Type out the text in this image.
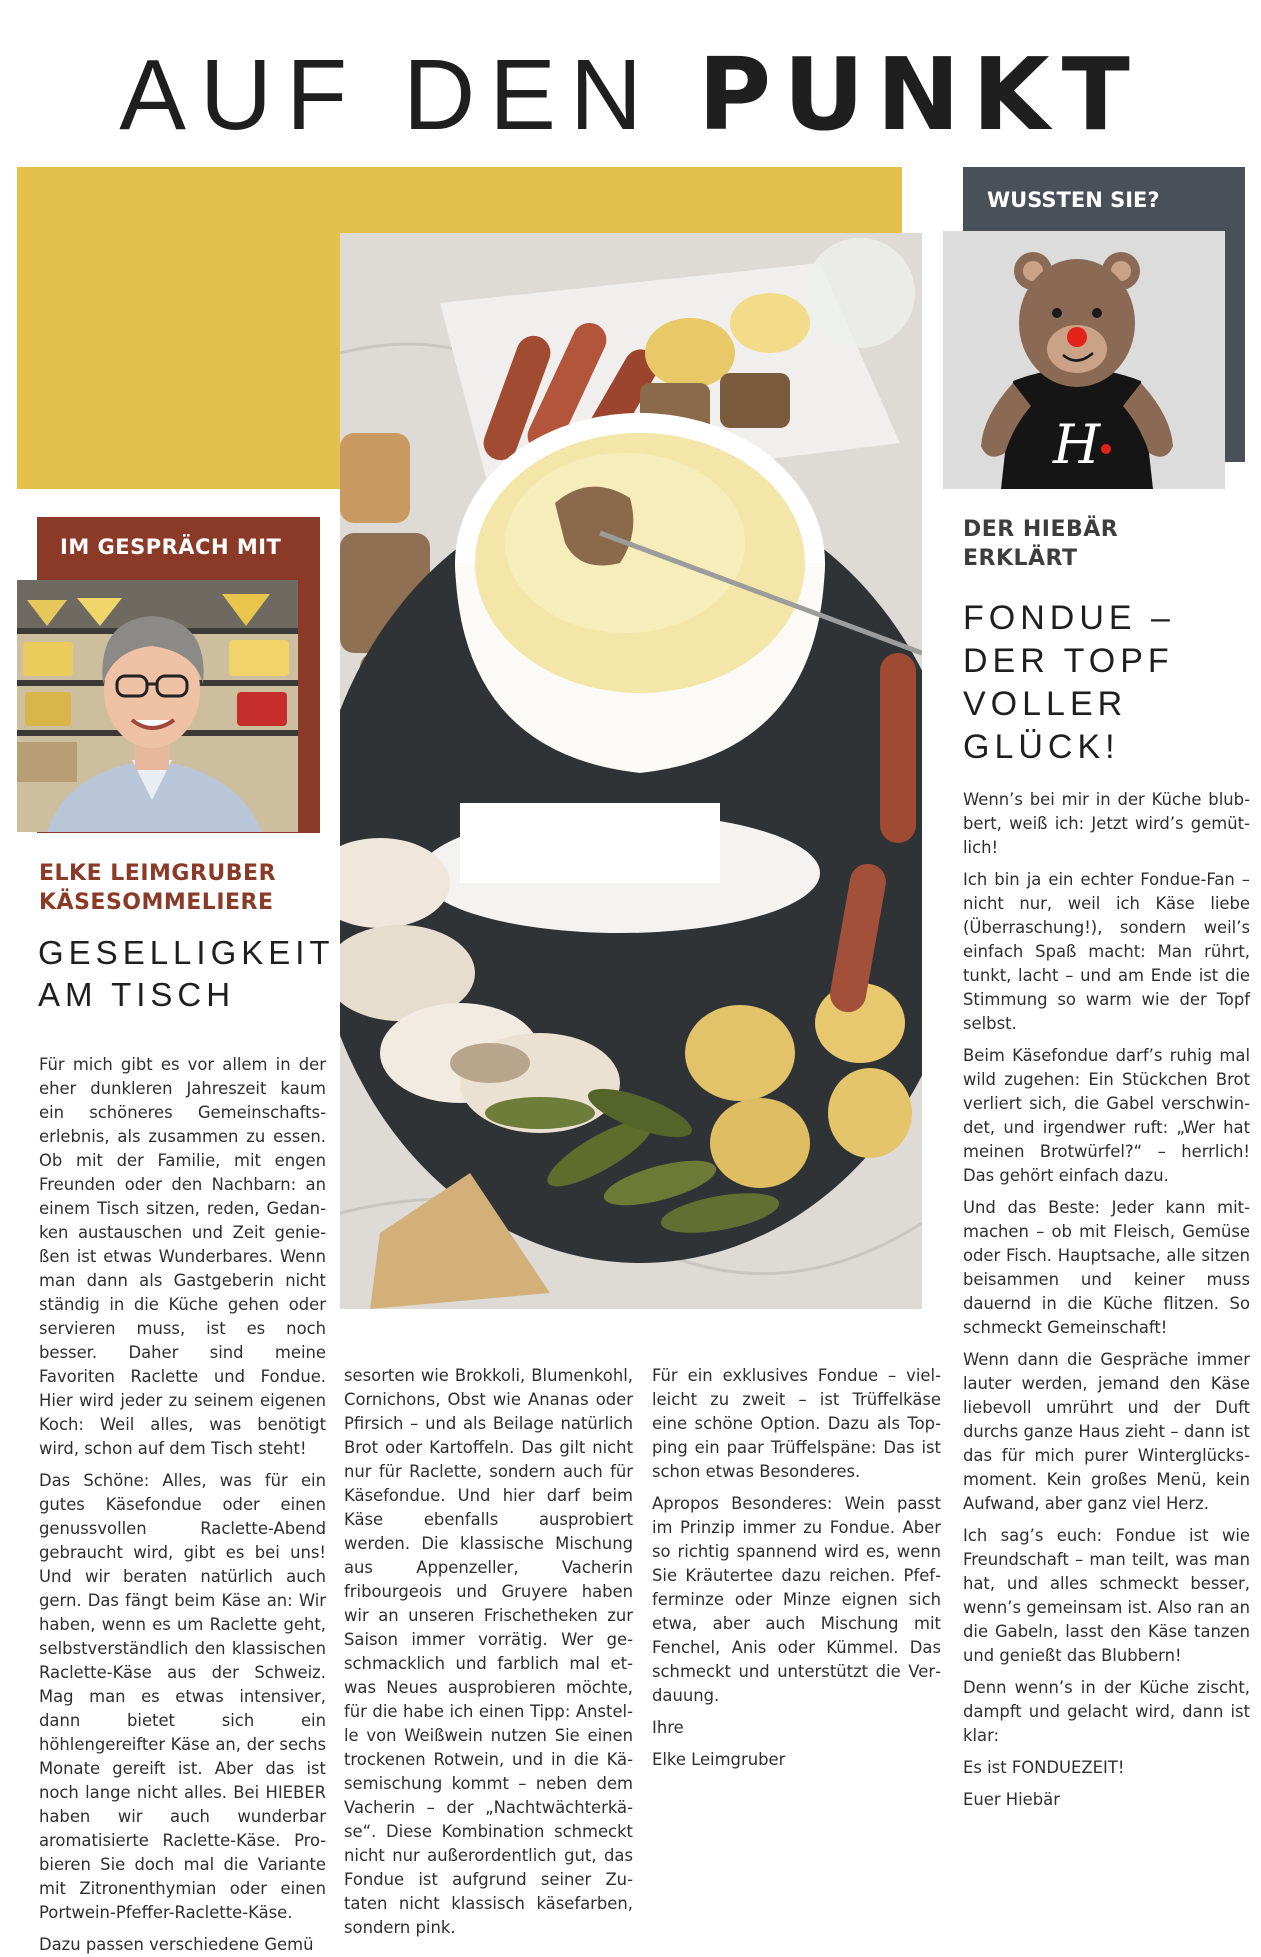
AUF DEN PUNKT
WUSSTEN SIE?
H
IM GESPRÄCH MIT
ELKE LEIMGRUBER
KÄSESOMMELIERE
GESELLIGKEIT
AM TISCH
DER HIEBÄR
ERKLÄRT
FONDUE –
DER TOPF
VOLLER
GLÜCK!

Für mich gibt es vor allem in der eher dunkleren Jahreszeit kaum ein schöneres Gemeinschaftserlebnis, als zusammen zu essen. Ob mit der Familie, mit engen Freunden oder den Nachbarn: an einem Tisch sitzen, reden, Gedanken austauschen und Zeit genießen ist etwas Wunderbares. Wenn man dann als Gastgeberin nicht ständig in die Küche gehen oder servieren muss, ist es noch besser. Daher sind meine Favoriten Raclette und Fondue. Hier wird jeder zu seinem eigenen Koch: Weil alles, was benötigt wird, schon auf dem Tisch steht!

Das Schöne: Alles, was für ein gutes Käsefondue oder einen genussvollen Raclette-Abend gebraucht wird, gibt es bei uns! Und wir beraten natürlich auch gern. Das fängt beim Käse an: Wir haben, wenn es um Raclette geht, selbstverständlich den klassischen Raclette-Käse aus der Schweiz. Mag man es etwas intensiver, dann bietet sich ein höhlengereifter Käse an, der sechs Monate gereift ist. Aber das ist noch lange nicht alles. Bei HIEBER haben wir auch wunderbar aromatisierte Raclette-Käse. Probieren Sie doch mal die Variante mit Zitronenthymian oder einen Portwein-Pfeffer-Raclette-Käse.

Dazu passen verschiedene Gemü

sesorten wie Brokkoli, Blumenkohl, Cornichons, Obst wie Ananas oder Pfirsich – und als Beilage natürlich Brot oder Kartoffeln. Das gilt nicht nur für Raclette, sondern auch für Käsefondue. Und hier darf beim Käse ebenfalls ausprobiert werden. Die klassische Mischung aus Appenzeller, Vacherin fribourgeois und Gruyere haben wir an unseren Frischetheken zur Saison immer vorrätig. Wer geschmacklich und farblich mal etwas Neues ausprobieren möchte, für die habe ich einen Tipp: Anstelle von Weißwein nutzen Sie einen trockenen Rotwein, und in die Käsemischung kommt – neben dem Vacherin – der „Nachtwächterkäse“. Diese Kombination schmeckt nicht nur außerordentlich gut, das Fondue ist aufgrund seiner Zutaten nicht klassisch käsefarben, sondern pink.

Für ein exklusives Fondue – vielleicht zu zweit – ist Trüffelkäse eine schöne Option. Dazu als Topping ein paar Trüffelspäne: Das ist schon etwas Besonderes.

Apropos Besonderes: Wein passt im Prinzip immer zu Fondue. Aber so richtig spannend wird es, wenn Sie Kräutertee dazu reichen. Pfefferminze oder Minze eignen sich etwa, aber auch Mischung mit Fenchel, Anis oder Kümmel. Das schmeckt und unterstützt die Verdauung.

Ihre

Elke Leimgruber

Wenn’s bei mir in der Küche blubbert, weiß ich: Jetzt wird’s gemütlich!

Ich bin ja ein echter Fondue-Fan – nicht nur, weil ich Käse liebe (Überraschung!), sondern weil’s einfach Spaß macht: Man rührt, tunkt, lacht – und am Ende ist die Stimmung so warm wie der Topf selbst.

Beim Käsefondue darf’s ruhig mal wild zugehen: Ein Stückchen Brot verliert sich, die Gabel verschwindet, und irgendwer ruft: „Wer hat meinen Brotwürfel?“ – herrlich! Das gehört einfach dazu.

Und das Beste: Jeder kann mitmachen – ob mit Fleisch, Gemüse oder Fisch. Hauptsache, alle sitzen beisammen und keiner muss dauernd in die Küche flitzen. So schmeckt Gemeinschaft!

Wenn dann die Gespräche immer lauter werden, jemand den Käse liebevoll umrührt und der Duft durchs ganze Haus zieht – dann ist das für mich purer Winterglücksmoment. Kein großes Menü, kein Aufwand, aber ganz viel Herz.

Ich sag’s euch: Fondue ist wie Freundschaft – man teilt, was man hat, und alles schmeckt besser, wenn’s gemeinsam ist. Also ran an die Gabeln, lasst den Käse tanzen und genießt das Blubbern!

Denn wenn’s in der Küche zischt, dampft und gelacht wird, dann ist klar:

Es ist FONDUEZEIT!

Euer Hiebär
